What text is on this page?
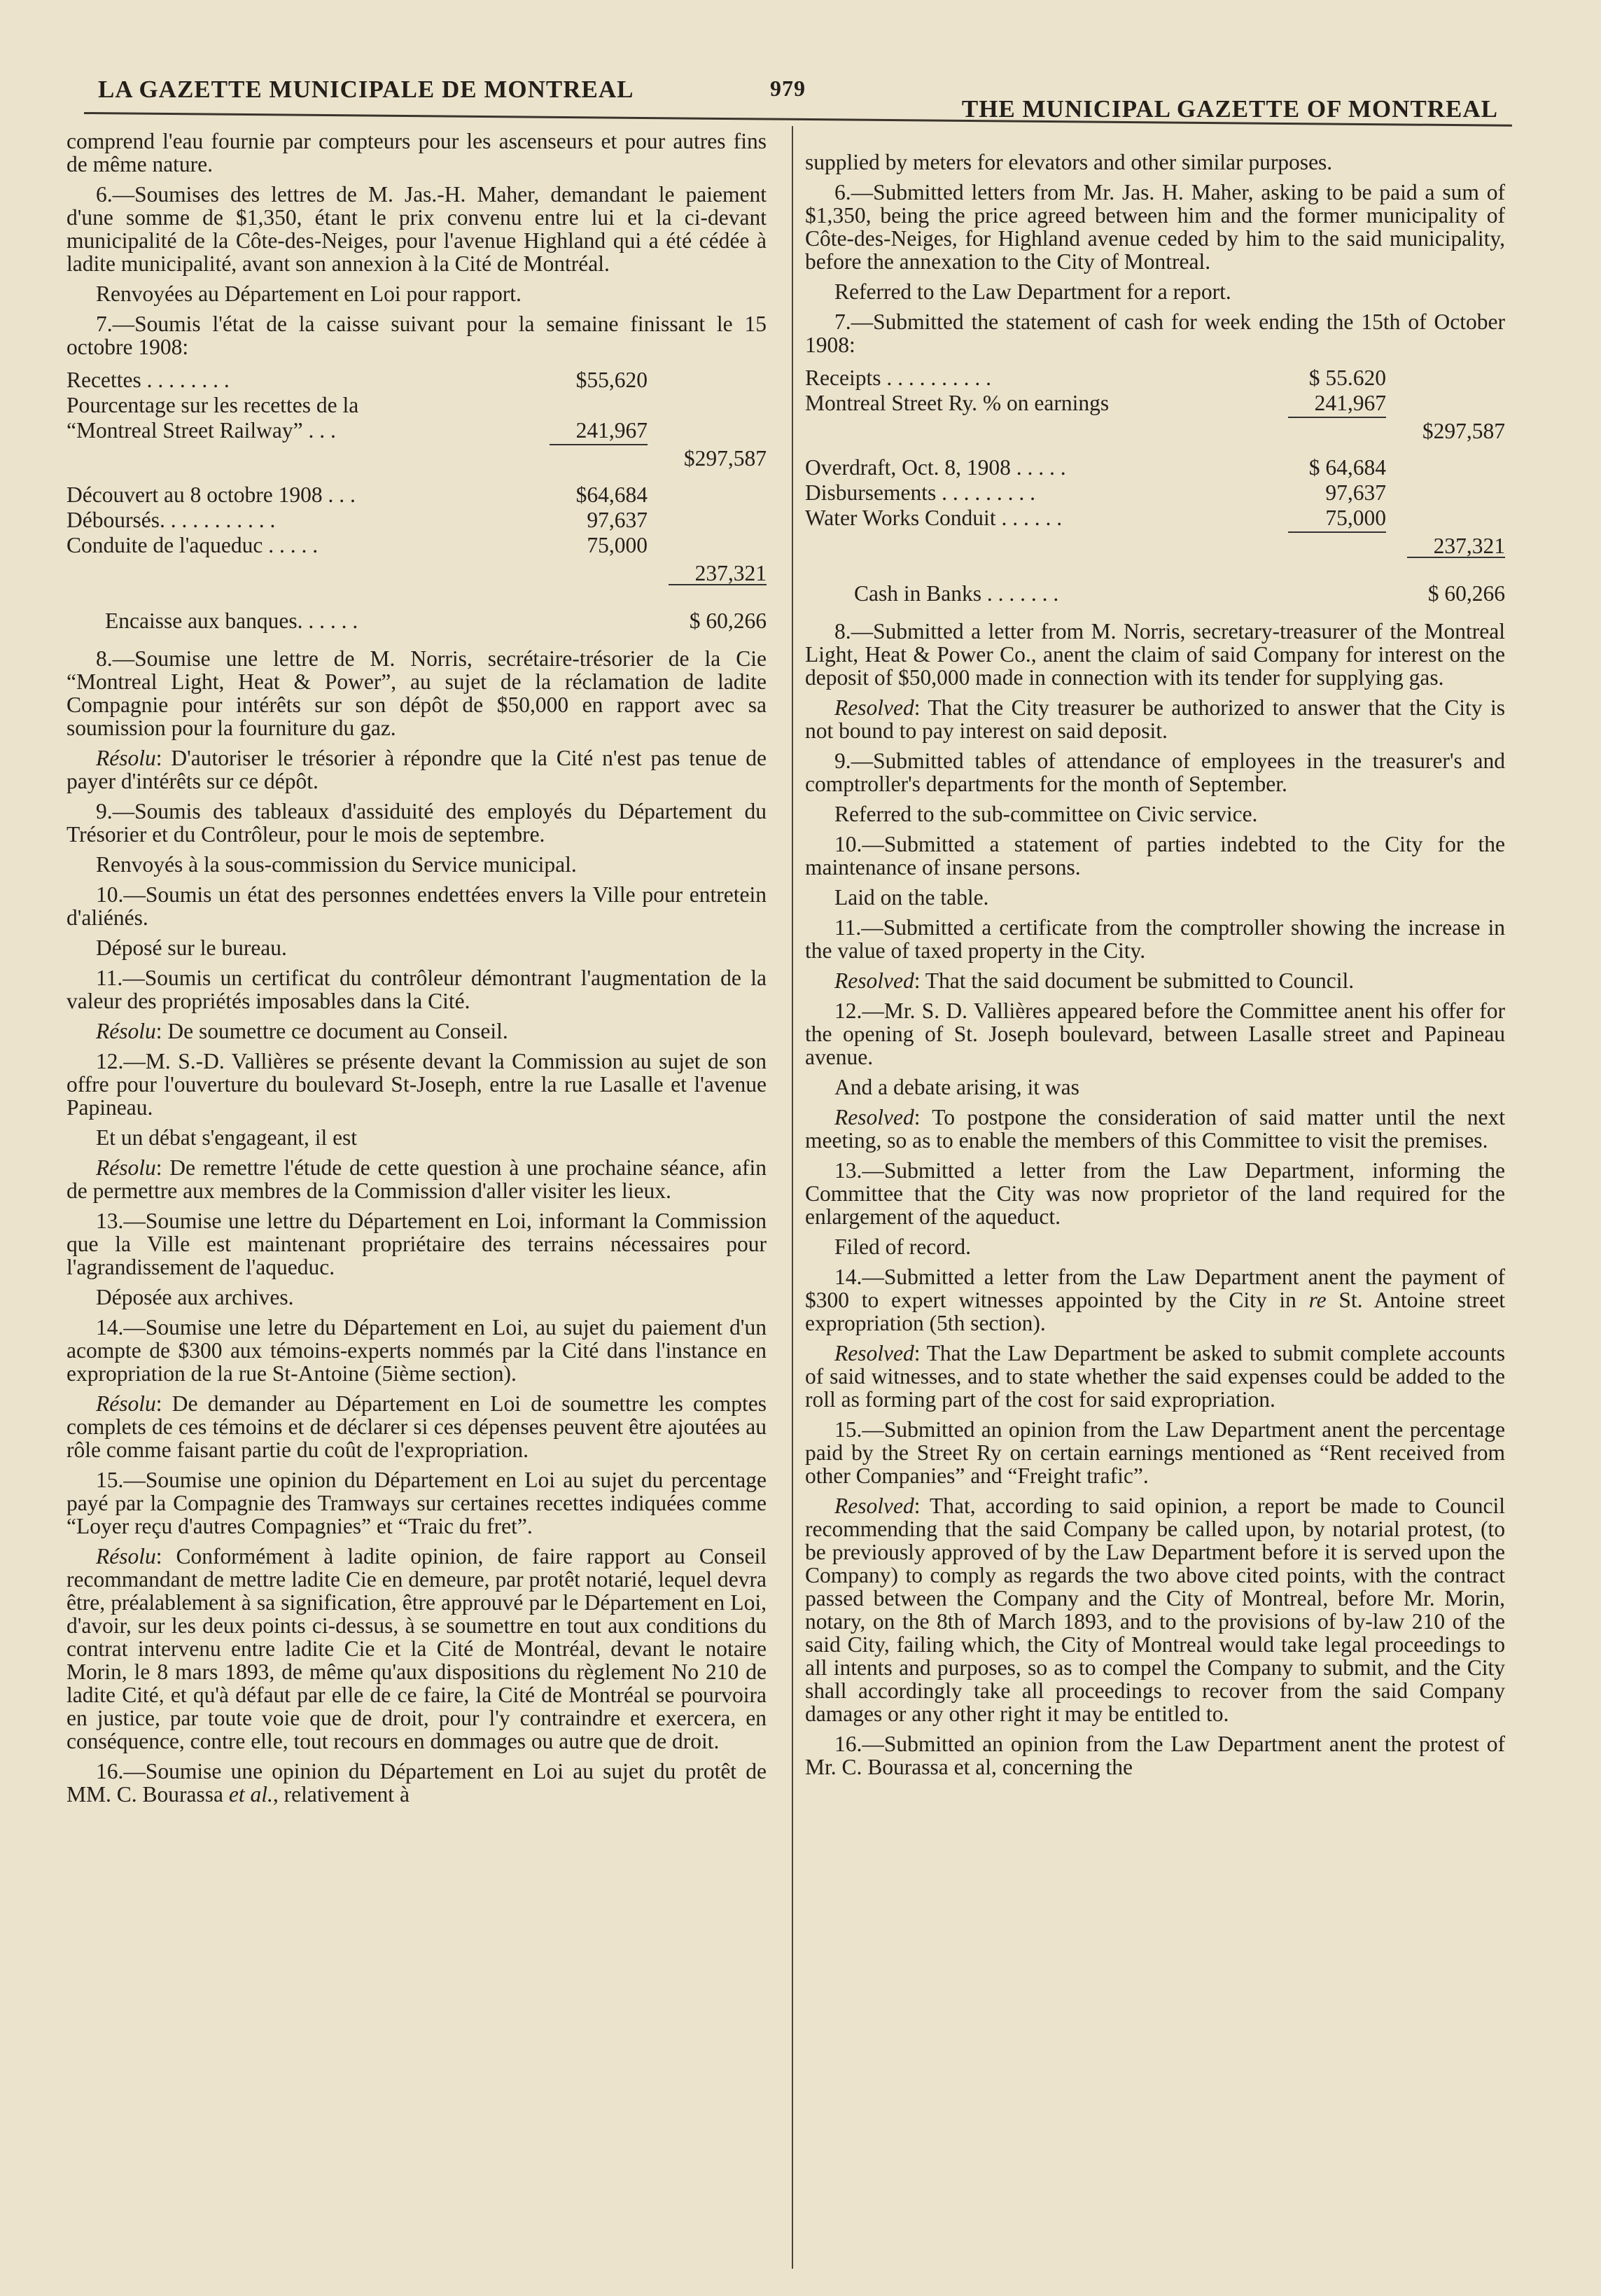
LA GAZETTE MUNICIPALE DE MONTREAL	979
THE MUNICIPAL GAZETTE OF MONTREAL

comprend l'eau fournie par compteurs pour les ascenseurs et pour autres fins de même nature.

6.—Soumises des lettres de M. Jas.-H. Maher, demandant le paiement d'une somme de $1,350, étant le prix convenu entre lui et la ci-devant municipalité de la Côte-des-Neiges, pour l'avenue Highland qui a été cédée à ladite municipalité, avant son annexion à la Cité de Montréal.

Renvoyées au Département en Loi pour rapport.

7.—Soumis l'état de la caisse suivant pour la semaine finissant le 15 octobre 1908:

Recettes . . . . . . . .	$55,620
Pourcentage sur les recettes de la
“Montreal Street Railway” . . .	241,967
$297,587
Découvert au 8 octobre 1908 . . .	$64,684
Déboursés. . . . . . . . . . .	97,637
Conduite de l'aqueduc . . . . .	75,000
237,321
Encaisse aux banques. . . . . .	$ 60,266

8.—Soumise une lettre de M. Norris, secrétaire-trésorier de la Cie “Montreal Light, Heat & Power”, au sujet de la réclamation de ladite Compagnie pour intérêts sur son dépôt de $50,000 en rapport avec sa soumission pour la fourniture du gaz.

Résolu: D'autoriser le trésorier à répondre que la Cité n'est pas tenue de payer d'intérêts sur ce dépôt.

9.—Soumis des tableaux d'assiduité des employés du Département du Trésorier et du Contrôleur, pour le mois de septembre.

Renvoyés à la sous-commission du Service municipal.

10.—Soumis un état des personnes endettées envers la Ville pour entretein d'aliénés.

Déposé sur le bureau.

11.—Soumis un certificat du contrôleur démontrant l'augmentation de la valeur des propriétés imposables dans la Cité.

Résolu: De soumettre ce document au Conseil.

12.—M. S.-D. Vallières se présente devant la Commission au sujet de son offre pour l'ouverture du boulevard St-Joseph, entre la rue Lasalle et l'avenue Papineau.

Et un débat s'engageant, il est

Résolu: De remettre l'étude de cette question à une prochaine séance, afin de permettre aux membres de la Commission d'aller visiter les lieux.

13.—Soumise une lettre du Département en Loi, informant la Commission que la Ville est maintenant propriétaire des terrains nécessaires pour l'agrandissement de l'aqueduc.

Déposée aux archives.

14.—Soumise une letre du Département en Loi, au sujet du paiement d'un acompte de $300 aux témoins-experts nommés par la Cité dans l'instance en expropriation de la rue St-Antoine (5ième section).

Résolu: De demander au Département en Loi de soumettre les comptes complets de ces témoins et de déclarer si ces dépenses peuvent être ajoutées au rôle comme faisant partie du coût de l'expropriation.

15.—Soumise une opinion du Département en Loi au sujet du percentage payé par la Compagnie des Tramways sur certaines recettes indiquées comme “Loyer reçu d'autres Compagnies” et “Traic du fret”.

Résolu: Conformément à ladite opinion, de faire rapport au Conseil recommandant de mettre ladite Cie en demeure, par protêt notarié, lequel devra être, préalablement à sa signification, être approuvé par le Département en Loi, d'avoir, sur les deux points ci-dessus, à se soumettre en tout aux conditions du contrat intervenu entre ladite Cie et la Cité de Montréal, devant le notaire Morin, le 8 mars 1893, de même qu'aux dispositions du règlement No 210 de ladite Cité, et qu'à défaut par elle de ce faire, la Cité de Montréal se pourvoira en justice, par toute voie que de droit, pour l'y contraindre et exercera, en conséquence, contre elle, tout recours en dommages ou autre que de droit.

16.—Soumise une opinion du Département en Loi au sujet du protêt de MM. C. Bourassa et al., relativement à

supplied by meters for elevators and other similar purposes.

6.—Submitted letters from Mr. Jas. H. Maher, asking to be paid a sum of $1,350, being the price agreed between him and the former municipality of Côte-des-Neiges, for Highland avenue ceded by him to the said municipality, before the annexation to the City of Montreal.

Referred to the Law Department for a report.

7.—Submitted the statement of cash for week ending the 15th of October 1908:

Receipts . . . . . . . . . .	$ 55.620
Montreal Street Ry. % on earnings	241,967
$297,587
Overdraft, Oct. 8, 1908 . . . . .	$ 64,684
Disbursements . . . . . . . . .	97,637
Water Works Conduit . . . . . .	75,000
237,321
Cash in Banks . . . . . . .	$ 60,266

8.—Submitted a letter from M. Norris, secretary-treasurer of the Montreal Light, Heat & Power Co., anent the claim of said Company for interest on the deposit of $50,000 made in connection with its tender for supplying gas.

Resolved: That the City treasurer be authorized to answer that the City is not bound to pay interest on said deposit.

9.—Submitted tables of attendance of employees in the treasurer's and comptroller's departments for the month of September.

Referred to the sub-committee on Civic service.

10.—Submitted a statement of parties indebted to the City for the maintenance of insane persons.

Laid on the table.

11.—Submitted a certificate from the comptroller showing the increase in the value of taxed property in the City.

Resolved: That the said document be submitted to Council.

12.—Mr. S. D. Vallières appeared before the Committee anent his offer for the opening of St. Joseph boulevard, between Lasalle street and Papineau avenue.

And a debate arising, it was

Resolved: To postpone the consideration of said matter until the next meeting, so as to enable the members of this Committee to visit the premises.

13.—Submitted a letter from the Law Department, informing the Committee that the City was now proprietor of the land required for the enlargement of the aqueduct.

Filed of record.

14.—Submitted a letter from the Law Department anent the payment of $300 to expert witnesses appointed by the City in re St. Antoine street expropriation (5th section).

Resolved: That the Law Department be asked to submit complete accounts of said witnesses, and to state whether the said expenses could be added to the roll as forming part of the cost for said expropriation.

15.—Submitted an opinion from the Law Department anent the percentage paid by the Street Ry on certain earnings mentioned as “Rent received from other Companies” and “Freight trafic”.

Resolved: That, according to said opinion, a report be made to Council recommending that the said Company be called upon, by notarial protest, (to be previously approved of by the Law Department before it is served upon the Company) to comply as regards the two above cited points, with the contract passed between the Company and the City of Montreal, before Mr. Morin, notary, on the 8th of March 1893, and to the provisions of by-law 210 of the said City, failing which, the City of Montreal would take legal proceedings to all intents and purposes, so as to compel the Company to submit, and the City shall accordingly take all proceedings to recover from the said Company damages or any other right it may be entitled to.

16.—Submitted an opinion from the Law Department anent the protest of Mr. C. Bourassa et al, concerning the
